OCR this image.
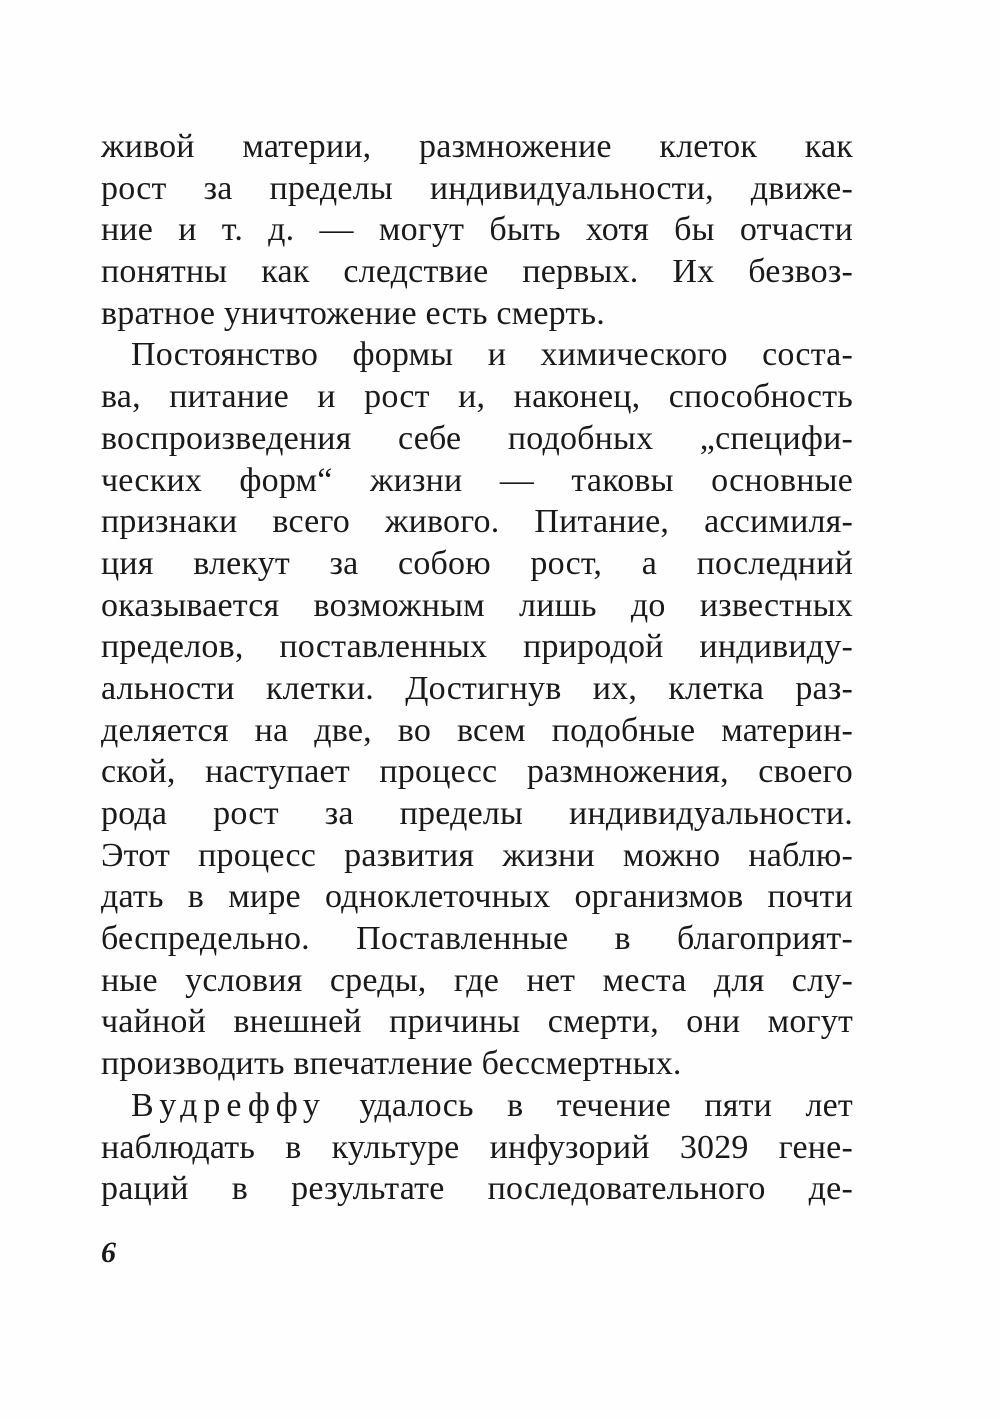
живой материи, размножение клеток как
рост за пределы индивидуальности, движе-
ние и т. д. — могут быть хотя бы отчасти
понятны как следствие первых. Их безвоз-
вратное уничтожение есть смерть.
Постоянство формы и химического соста-
ва, питание и рост и, наконец, способность
воспроизведения себе подобных „специфи-
ческих форм“ жизни — таковы основные
признаки всего живого. Питание, ассимиля-
ция влекут за собою рост, а последний
оказывается возможным лишь до известных
пределов, поставленных природой индивиду-
альности клетки. Достигнув их, клетка раз-
деляется на две, во всем подобные материн-
ской, наступает процесс размножения, своего
рода рост за пределы индивидуальности.
Этот процесс развития жизни можно наблю-
дать в мире одноклеточных организмов почти
беспредельно. Поставленные в благоприят-
ные условия среды, где нет места для слу-
чайной внешней причины смерти, они могут
производить впечатление бессмертных.
Вудреффу удалось в течение пяти лет
наблюдать в культуре инфузорий 3029 гене-
раций в результате последовательного де-
6
